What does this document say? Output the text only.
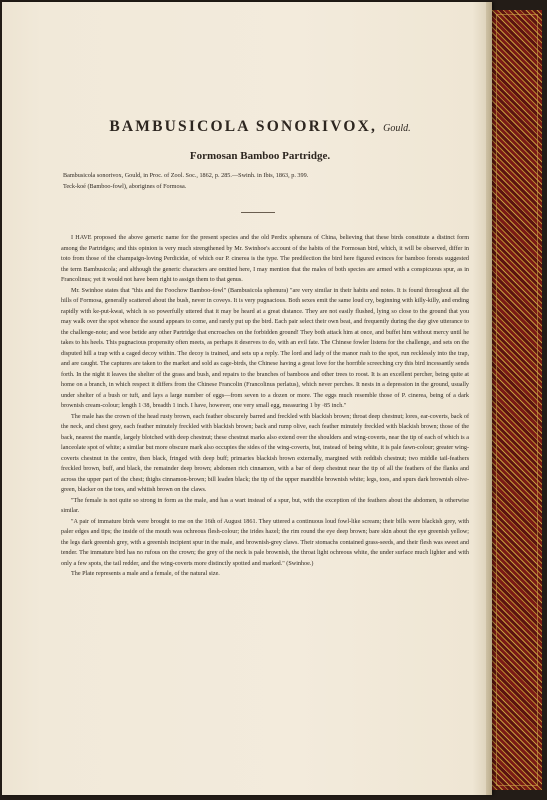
BAMBUSICOLA SONORIVOX, Gould.
Formosan Bamboo Partridge.
Bambusicola sonorivox, Gould, in Proc. of Zool. Soc., 1862, p. 285.—Swinh. in Ibis, 1863, p. 399.
Teck-koé (Bamboo-fowl), aborigines of Formosa.

I HAVE proposed the above generic name for the present species and the old Perdix sphenura of China, believing that these birds constitute a distinct form among the Partridges; and this opinion is very much strengthened by Mr. Swinhoe's account of the habits of the Formosan bird, which, it will be observed, differ in toto from those of the champaign-loving Perdicidæ, of which our P. cinerea is the type. The predilection the bird here figured evinces for bamboo forests suggested the term Bambusicola; and although the generic characters are omitted here, I may mention that the males of both species are armed with a conspicuous spur, as in Francolinus; yet it would not have been right to assign them to that genus.

Mr. Swinhoe states that "this and the Foochow Bamboo-fowl" (Bambusicola sphenura) "are very similar in their habits and notes. It is found throughout all the hills of Formosa, generally scattered about the bush, never in coveys. It is very pugnacious. Both sexes emit the same loud cry, beginning with killy-killy, and ending rapidly with ke-put-kwai, which is so powerfully uttered that it may be heard at a great distance. They are not easily flushed, lying so close to the ground that you may walk over the spot whence the sound appears to come, and rarely put up the bird. Each pair select their own beat, and frequently during the day give utterance to the challenge-note; and woe betide any other Partridge that encroaches on the forbidden ground! They both attack him at once, and buffet him without mercy until he takes to his heels. This pugnacious propensity often meets, as perhaps it deserves to do, with an evil fate. The Chinese fowler listens for the challenge, and sets on the disputed hill a trap with a caged decoy within. The decoy is trained, and sets up a reply. The lord and lady of the manor rush to the spot, run recklessly into the trap, and are caught. The captures are taken to the market and sold as cage-birds, the Chinese having a great love for the horrible screeching cry this bird incessantly sends forth. In the night it leaves the shelter of the grass and bush, and repairs to the branches of bamboos and other trees to roost. It is an excellent percher, being quite at home on a branch, in which respect it differs from the Chinese Francolin (Francolinus perlatus), which never perches. It nests in a depression in the ground, usually under shelter of a bush or tuft, and lays a large number of eggs—from seven to a dozen or more. The eggs much resemble those of P. cinerea, being of a dark brownish cream-colour; length 1·38, breadth 1 inch. I have, however, one very small egg, measuring 1 by ·85 inch."

The male has the crown of the head rusty brown, each feather obscurely barred and freckled with blackish brown; throat deep chestnut; lores, ear-coverts, back of the neck, and chest grey, each feather minutely freckled with blackish brown; back and rump olive, each feather minutely freckled with blackish brown; those of the back, nearest the mantle, largely blotched with deep chestnut; these chestnut marks also extend over the shoulders and wing-coverts, near the tip of each of which is a lanceolate spot of white; a similar but more obscure mark also occupies the sides of the wing-coverts, but, instead of being white, it is pale fawn-colour; greater wing-coverts chestnut in the centre, then black, fringed with deep buff; primaries blackish brown externally, margined with reddish chestnut; two middle tail-feathers freckled brown, buff, and black, the remainder deep brown; abdomen rich cinnamon, with a bar of deep chestnut near the tip of all the feathers of the flanks and across the upper part of the chest; thighs cinnamon-brown; bill leaden black; the tip of the upper mandible brownish white; legs, toes, and spurs dark brownish olive-green, blacker on the toes, and whitish brown on the claws.

"The female is not quite so strong in form as the male, and has a wart instead of a spur, but, with the exception of the feathers about the abdomen, is otherwise similar.

"A pair of immature birds were brought to me on the 16th of August 1861. They uttered a continuous loud fowl-like scream; their bills were blackish grey, with paler edges and tips; the inside of the mouth was ochreous flesh-colour; the irides hazel; the rim round the eye deep brown; bare skin about the eye greenish yellow; the legs dark greenish grey, with a greenish incipient spur in the male, and brownish-grey claws. Their stomachs contained grass-seeds, and their flesh was sweet and tender. The immature bird has no rufous on the crown; the grey of the neck is pale brownish, the throat light ochreous white, the under surface much lighter and with only a few spots, the tail redder, and the wing-coverts more distinctly spotted and marked." (Swinhoe.)

The Plate represents a male and a female, of the natural size.
